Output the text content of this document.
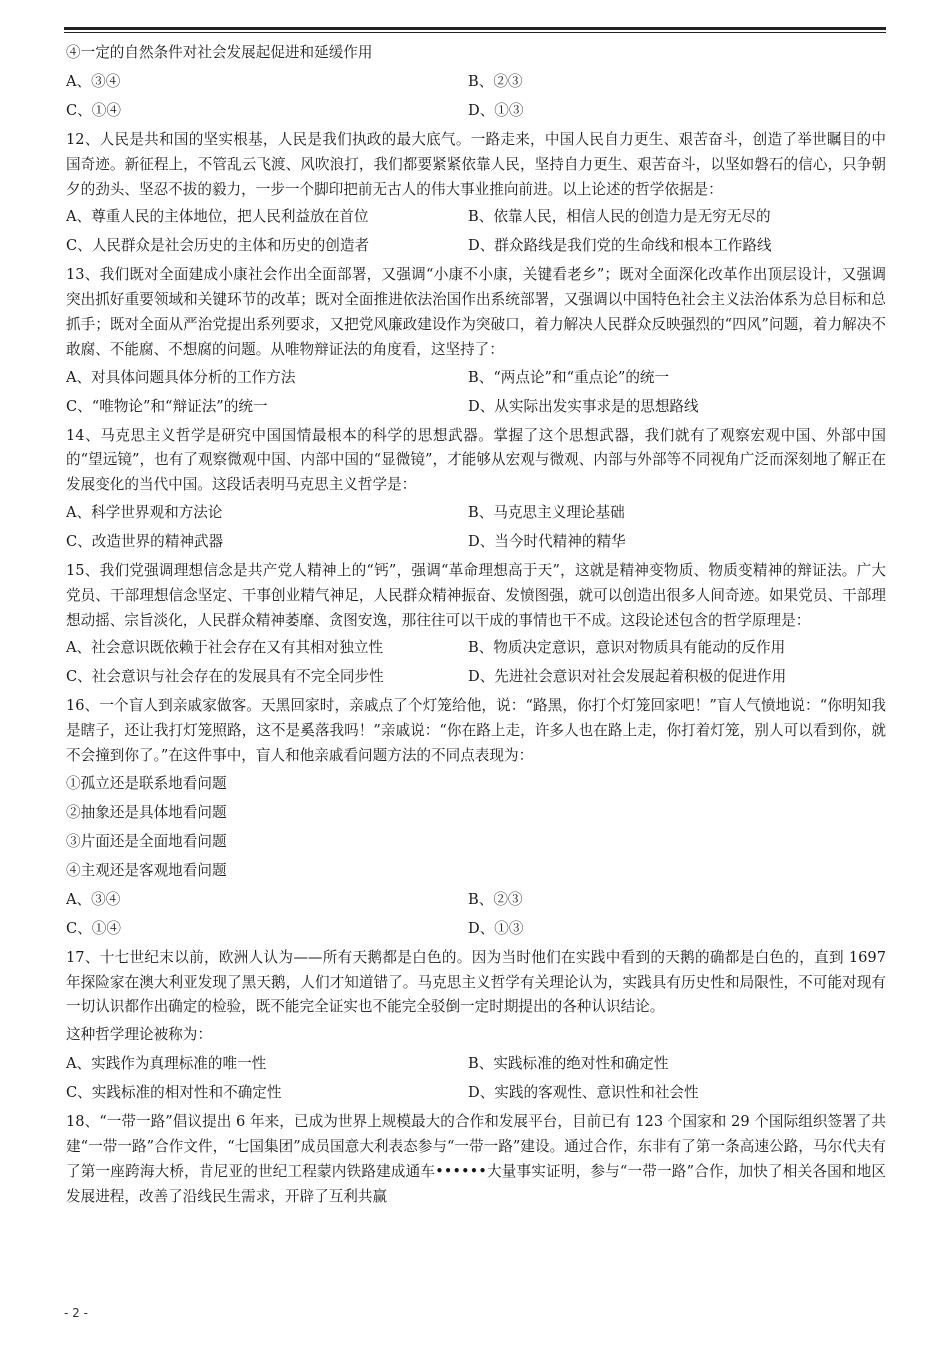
④一定的自然条件对社会发展起促进和延缓作用
A、③④	B、②③
C、①④	D、①③
12、人民是共和国的坚实根基，人民是我们执政的最大底气。一路走来，中国人民自力更生、艰苦奋斗，创造了举世瞩目的中国奇迹。新征程上，不管乱云飞渡、风吹浪打，我们都要紧紧依靠人民，坚持自力更生、艰苦奋斗，以坚如磐石的信心，只争朝夕的劲头、坚忍不拔的毅力，一步一个脚印把前无古人的伟大事业推向前进。以上论述的哲学依据是：
A、尊重人民的主体地位，把人民利益放在首位	B、依靠人民，相信人民的创造力是无穷无尽的
C、人民群众是社会历史的主体和历史的创造者	D、群众路线是我们党的生命线和根本工作路线
13、我们既对全面建成小康社会作出全面部署，又强调“小康不小康，关键看老乡”；既对全面深化改革作出顶层设计，又强调突出抓好重要领域和关键环节的改革；既对全面推进依法治国作出系统部署，又强调以中国特色社会主义法治体系为总目标和总抓手；既对全面从严治党提出系列要求，又把党风廉政建设作为突破口，着力解决人民群众反映强烈的“四风”问题，着力解决不敢腐、不能腐、不想腐的问题。从唯物辩证法的角度看，这坚持了：
A、对具体问题具体分析的工作方法	B、“两点论”和“重点论”的统一
C、“唯物论”和“辩证法”的统一	D、从实际出发实事求是的思想路线
14、马克思主义哲学是研究中国国情最根本的科学的思想武器。掌握了这个思想武器，我们就有了观察宏观中国、外部中国的“望远镜”，也有了观察微观中国、内部中国的“显微镜”，才能够从宏观与微观、内部与外部等不同视角广泛而深刻地了解正在发展变化的当代中国。这段话表明马克思主义哲学是：
A、科学世界观和方法论	B、马克思主义理论基础
C、改造世界的精神武器	D、当今时代精神的精华
15、我们党强调理想信念是共产党人精神上的“钙”，强调“革命理想高于天”，这就是精神变物质、物质变精神的辩证法。广大党员、干部理想信念坚定、干事创业精气神足，人民群众精神振奋、发愤图强，就可以创造出很多人间奇迹。如果党员、干部理想动摇、宗旨淡化，人民群众精神萎靡、贪图安逸，那往往可以干成的事情也干不成。这段论述包含的哲学原理是：
A、社会意识既依赖于社会存在又有其相对独立性	B、物质决定意识，意识对物质具有能动的反作用
C、社会意识与社会存在的发展具有不完全同步性	D、先进社会意识对社会发展起着积极的促进作用
16、一个盲人到亲戚家做客。天黑回家时，亲戚点了个灯笼给他，说：“路黑，你打个灯笼回家吧！”盲人气愤地说：“你明知我是瞎子，还让我打灯笼照路，这不是奚落我吗！”亲戚说：“你在路上走，许多人也在路上走，你打着灯笼，别人可以看到你，就不会撞到你了。”在这件事中，盲人和他亲戚看问题方法的不同点表现为：
①孤立还是联系地看问题
②抽象还是具体地看问题
③片面还是全面地看问题
④主观还是客观地看问题
A、③④	B、②③
C、①④	D、①③
17、十七世纪末以前，欧洲人认为——所有天鹅都是白色的。因为当时他们在实践中看到的天鹅的确都是白色的，直到 1697 年探险家在澳大利亚发现了黑天鹅，人们才知道错了。马克思主义哲学有关理论认为，实践具有历史性和局限性，不可能对现有一切认识都作出确定的检验，既不能完全证实也不能完全驳倒一定时期提出的各种认识结论。
这种哲学理论被称为：
A、实践作为真理标准的唯一性	B、实践标准的绝对性和确定性
C、实践标准的相对性和不确定性	D、实践的客观性、意识性和社会性
18、“一带一路”倡议提出 6 年来，已成为世界上规模最大的合作和发展平台，目前已有 123 个国家和 29 个国际组织签署了共建“一带一路”合作文件，“七国集团”成员国意大利表态参与“一带一路”建设。通过合作，东非有了第一条高速公路，马尔代夫有了第一座跨海大桥，肯尼亚的世纪工程蒙内铁路建成通车••••••大量事实证明，参与“一带一路”合作，加快了相关各国和地区发展进程，改善了沿线民生需求，开辟了互利共赢
- 2 -
